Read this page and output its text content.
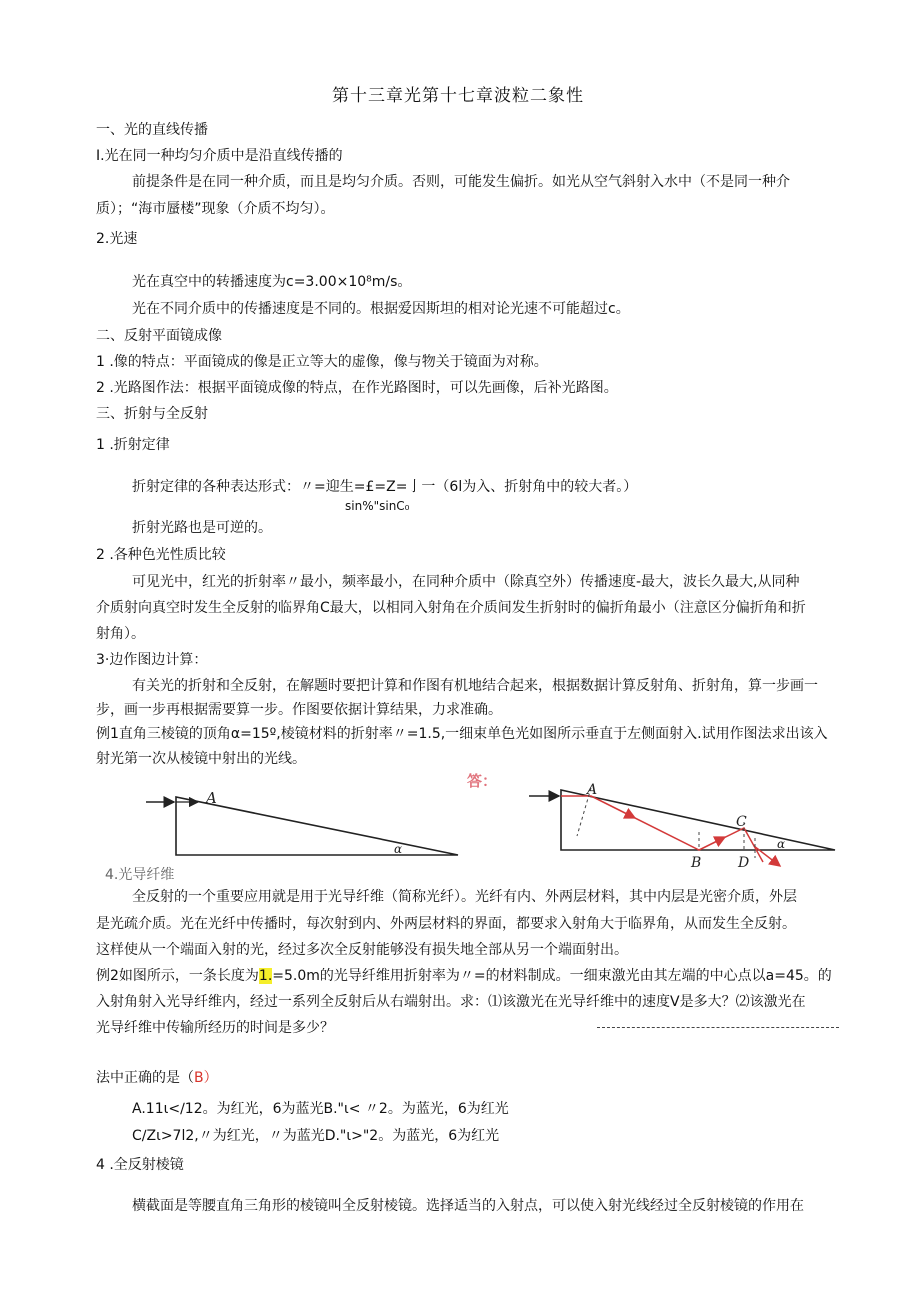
第十三章光第十七章波粒二象性
一、光的直线传播
I.光在同一种均匀介质中是沿直线传播的
前提条件是在同一种介质，而且是均匀介质。否则，可能发生偏折。如光从空气斜射入水中（不是同一种介
质）；“海市蜃楼”现象（介质不均匀）。
2.光速
光在真空中的转播速度为c=3.00×10⁸m∕s。
光在不同介质中的传播速度是不同的。根据爱因斯坦的相对论光速不可能超过c。
二、反射平面镜成像
1 .像的特点：平面镜成的像是正立等大的虚像，像与物关于镜面为对称。
2 .光路图作法：根据平面镜成像的特点，在作光路图时，可以先画像，后补光路图。
三、折射与全反射
1 .折射定律
折射定律的各种表达形式：〃=迎生=£=Z=亅一（6l为入、折射角中的较大者。）
sin%"sinC₀
折射光路也是可逆的。
2 .各种色光性质比较
可见光中，红光的折射率〃最小，频率最小，在同种介质中（除真空外）传播速度-最大，波长久最大,从同种
介质射向真空时发生全反射的临界角C最大，以相同入射角在介质间发生折射时的偏折角最小（注意区分偏折角和折
射角）。
3·边作图边计算：
有关光的折射和全反射，在解题时要把计算和作图有机地结合起来，根据数据计算反射角、折射角，算一步画一
步，画一步再根据需要算一步。作图要依据计算结果，力求准确。
例1直角三棱镜的顶角α=15º,棱镜材料的折射率〃=1.5,一细束单色光如图所示垂直于左侧面射入.试用作图法求出该入
射光第一次从棱镜中射出的光线。
A
α
4.光导纤维
答：	A
B
C
D
α
全反射的一个重要应用就是用于光导纤维（简称光纤）。光纤有内、外两层材料，其中内层是光密介质，外层
是光疏介质。光在光纤中传播时，每次射到内、外两层材料的界面，都要求入射角大于临界角，从而发生全反射。
这样使从一个端面入射的光，经过多次全反射能够没有损失地全部从另一个端面射出。
例2如图所示，一条长度为1.=5.0m的光导纤维用折射率为〃=的材料制成。一细束激光由其左端的中心点以a=45。的
入射角射入光导纤维内，经过一系列全反射后从右端射出。求：⑴该激光在光导纤维中的速度V是多大？⑵该激光在
光导纤维中传输所经历的时间是多少？
法中正确的是（B）
A.11ι<∕12。为红光，6为蓝光B."ι< 〃2。为蓝光，6为红光
C∕Zι>7l2,〃为红光，〃为蓝光D."ι>"2。为蓝光，6为红光
4 .全反射棱镜
横截面是等腰直角三角形的棱镜叫全反射棱镜。选择适当的入射点，可以使入射光线经过全反射棱镜的作用在
